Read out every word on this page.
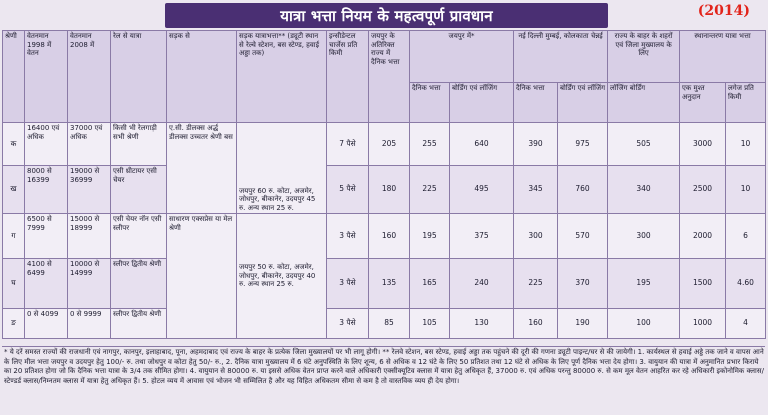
यात्रा भत्ता नियम के महत्वपूर्ण प्रावधान	(2014)
श्रेणी	वेतनमान 1998 में वेतन	वेतनमान 2008 में	रेल से यात्रा	सड़क से	सड़क यात्राभत्ता** (ड्यूटी स्थान से रेल्वे स्टेशन, बस स्टेण्ड, हवाई अड्डा तक)	इन्सीडेन्टल चार्जेस प्रति किमी	जयपुर के अतिरिक्त राज्य में दैनिक भत्ता	जयपुर में*		नई दिल्ली मुम्बई, कोलकाता चेन्नई		राज्य के बाहर के शहरों एवं जिला मुख्यालय के लिए	स्थानान्तरण यात्रा भत्ता	
								दैनिक भत्ता	बोर्डिंग एवं लॉजिंग	दैनिक भत्ता	बोर्डिंग एवं लॉजिंग	लॉजिंग बोर्डिंग	एक मुश्त अनुदान	लगेज प्रति किमी
क	16400 एवं अधिक	37000 एवं अधिक	किसी भी रेलगाड़ी सभी श्रेणी	ए.सी. डीलक्स अर्द्ध डीलक्स उच्चतर श्रेणी बस	जयपुर 60 रु. कोटा, अजमेर, जोधपुर, बीकानेर, उदयपुर 45 रु. अन्य स्थान 25 रु.	7 पैसे	205	255	640	390	975	505	3000	10
ख	8000 से 16399	19000 से 36999	एसी थ्रीटायर एसी चेयर			5 पैसे	180	225	495	345	760	340	2500	10
ग	6500 से 7999	15000 से 18999	एसी चेयर नॉन एसी स्लीपर	साधारण एक्सप्रेस या मेल श्रेणी	जयपुर 50 रु. कोटा, अजमेर, जोधपुर, बीकानेर, उदयपुर 40 रु. अन्य स्थान 25 रु.	3 पैसे	160	195	375	300	570	300	2000	6
घ	4100 से 6499	10000 से 14999	स्लीपर द्वितीय श्रेणी			3 पैसे	135	165	240	225	370	195	1500	4.60
ङ	0 से 4099	0 से 9999	स्लीपर द्वितीय श्रेणी			3 पैसे	85	105	130	160	190	100	1000	4
* ये दरें समस्त राज्यों की राजधानी एवं नागपुर, कानपुर, इलाहाबाद, पूना, अहमदाबाद एवं राज्य के बाहर के प्रत्येक जिला मुख्यालयों पर भी लागू होगी। ** रेलवे स्टेशन, बस स्टेण्ड, हवाई अड्डा तक पहुंचने की दूरी की गणना ड्यूटी पाइन्ट/घर से की जायेगी। 1. कार्यस्थल से हवाई अड्डे तक जाने व वापस आने के लिए मील भत्ता जयपुर व उदयपुर हेतु 100/- रु. तथा जोधपुर व कोटा हेतु 50/- रु., 2. दैनिक यात्रा मुख्यालय में 6 घंटे अनुपस्थिति के लिए शून्य, 6 से अधिक व 12 घंटे के लिए 50 प्रतिशत तथा 12 घंटे से अधिक के लिए पूर्ण दैनिक भत्ता देय होगा। 3. वायुयान की यात्रा में अनुमानित प्रभार किराये का 20 प्रतिशत होगा जो कि दैनिक भत्ता यात्रा के 3/4 तक सीमित होगा। 4. वायुयान से 80000 रु. या इससे अधिक वेतन प्राप्त करने वाले अधिकारी एक्सीक्यूटिव क्लास में यात्रा हेतु अधिकृत हैं, 37000 रु. एवं अधिक परन्तु 80000 रु. से कम मूल वेतन आहरित कर रहे अधिकारी इकोनोमिक क्लास/स्टेण्डर्ड क्लास/निम्नतम क्लास में यात्रा हेतु अधिकृत हैं। 5. होटल व्यय में आवास एवं भोजन भी सम्मिलित है और यह विहित अधिकतम सीमा से कम है तो वास्तविक व्यय ही देय होगा।
